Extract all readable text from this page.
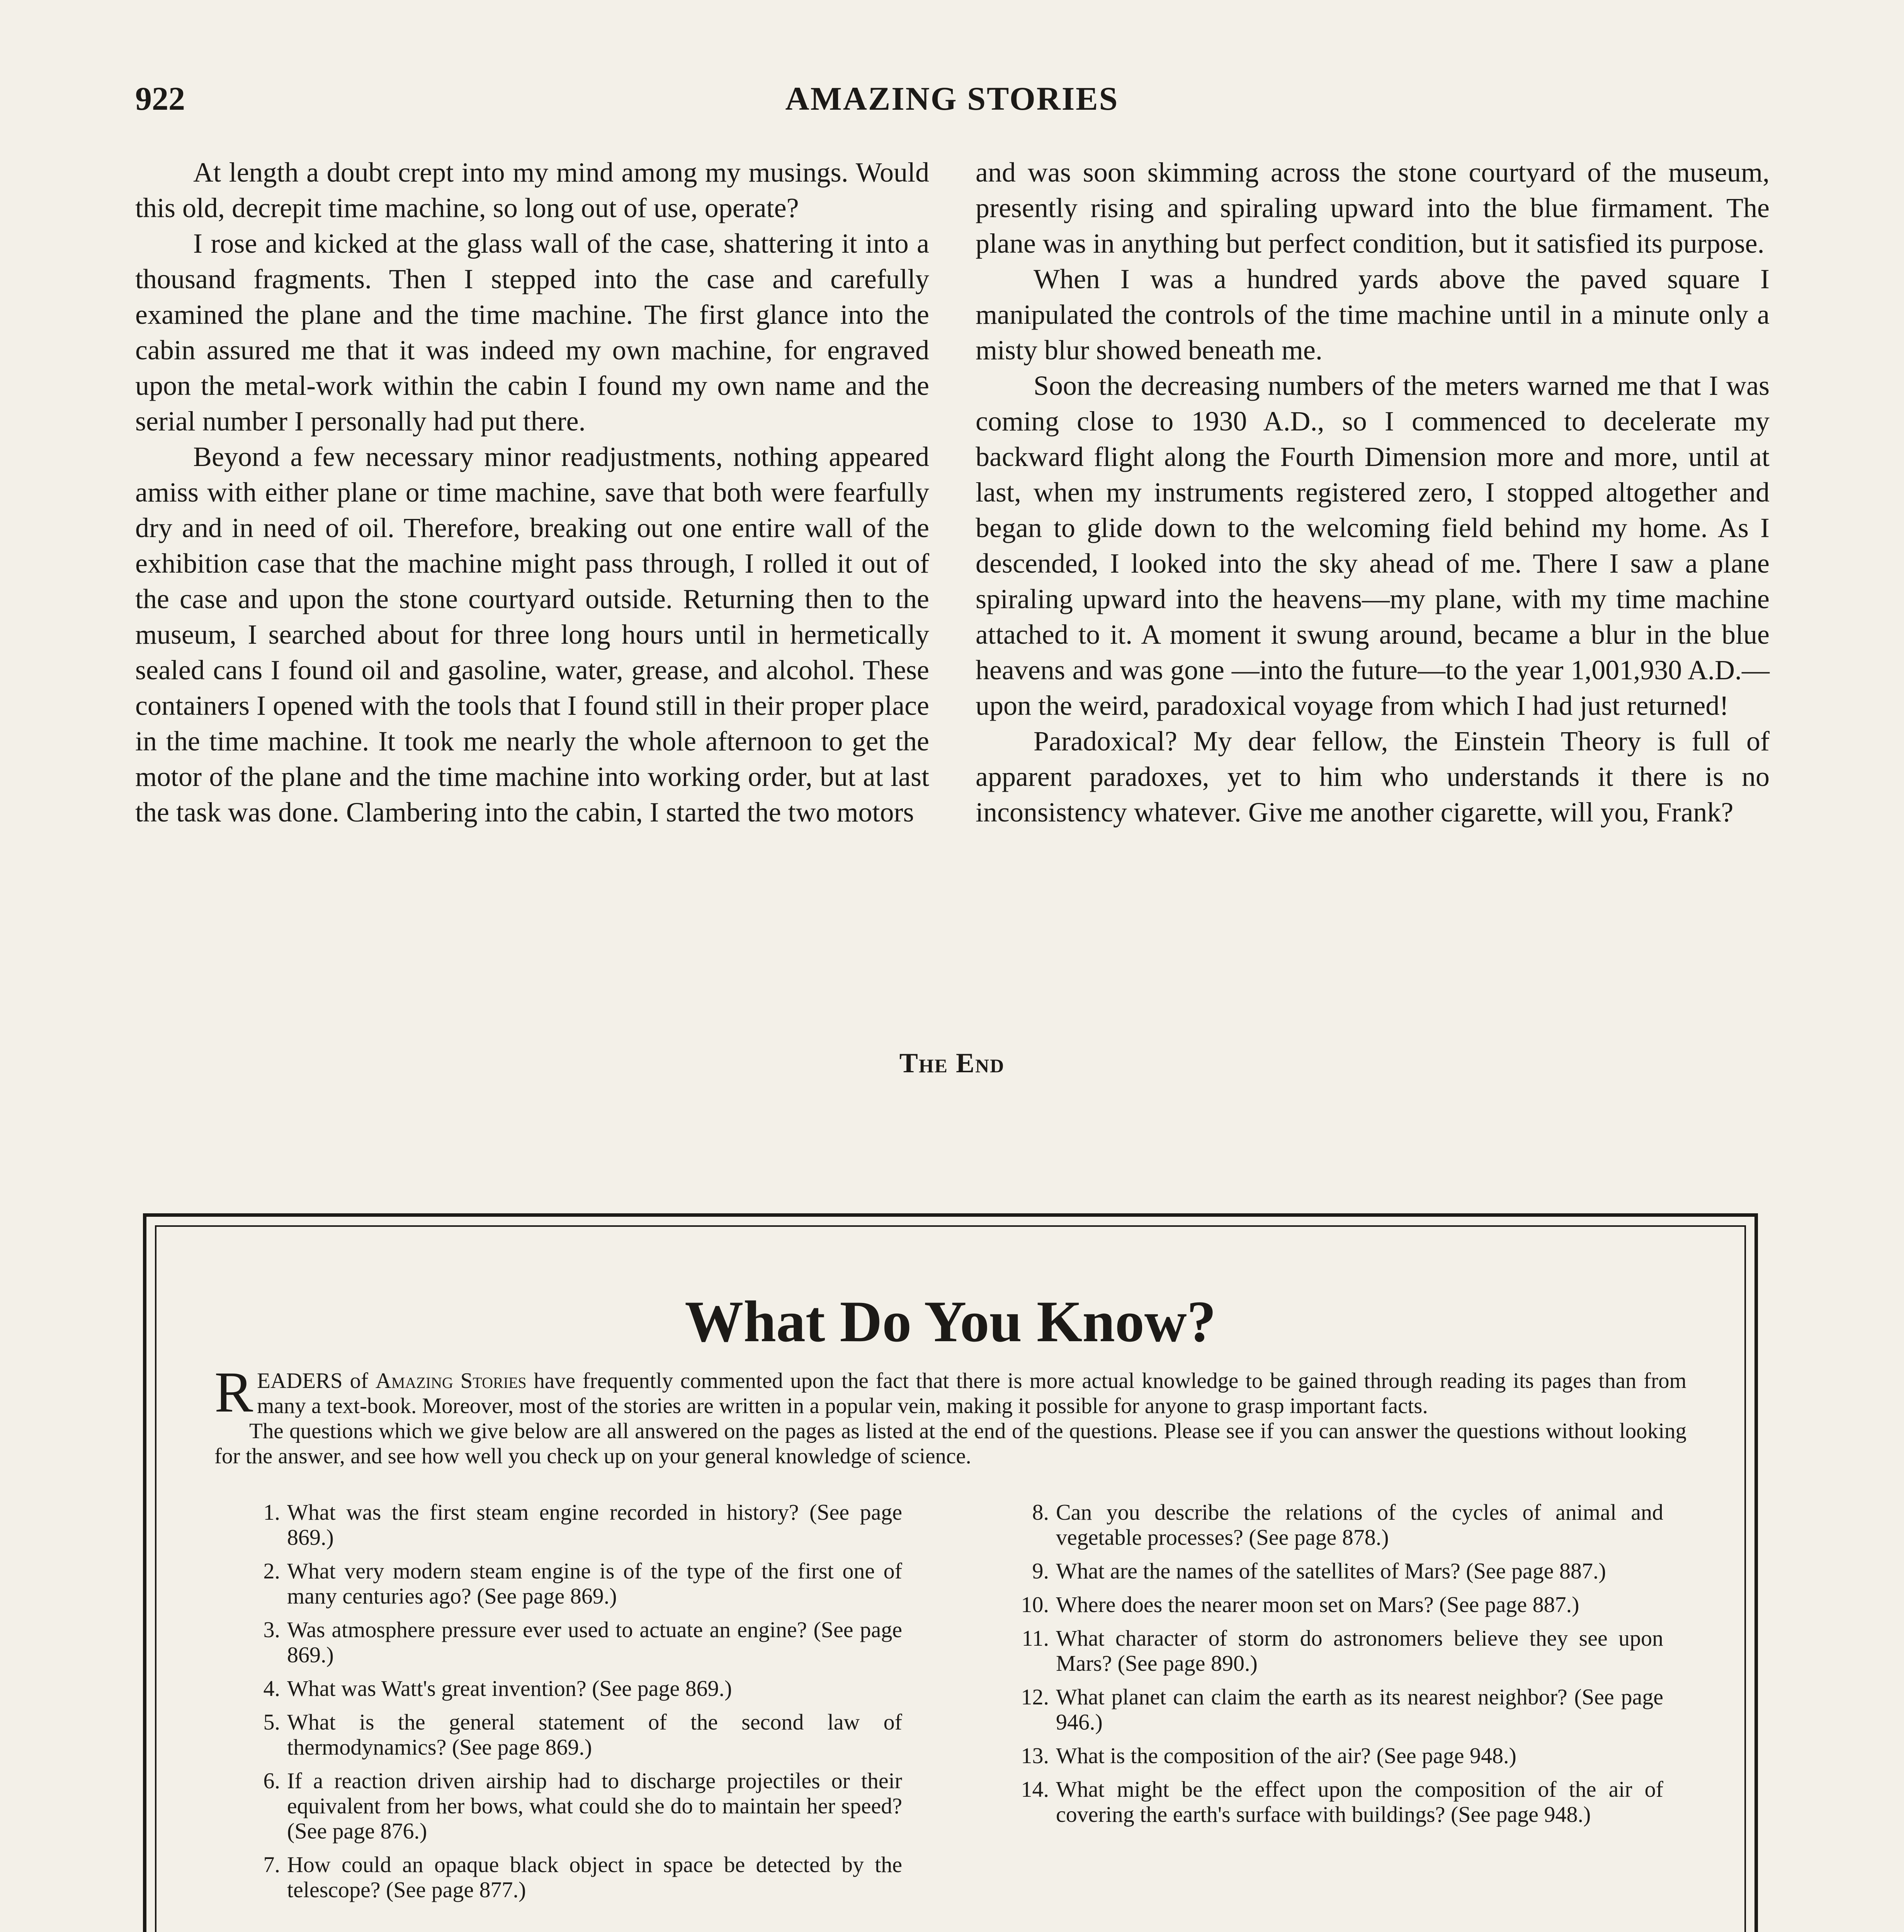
922	AMAZING STORIES

At length a doubt crept into my mind among my musings. Would this old, decrepit time machine, so long out of use, operate?

I rose and kicked at the glass wall of the case, shattering it into a thousand fragments. Then I stepped into the case and carefully examined the plane and the time machine. The first glance into the cabin assured me that it was indeed my own machine, for engraved upon the metal-work within the cabin I found my own name and the serial number I personally had put there.

Beyond a few necessary minor readjustments, nothing appeared amiss with either plane or time machine, save that both were fearfully dry and in need of oil. Therefore, breaking out one entire wall of the exhibition case that the machine might pass through, I rolled it out of the case and upon the stone courtyard outside. Returning then to the museum, I searched about for three long hours until in hermetically sealed cans I found oil and gasoline, water, grease, and alcohol. These containers I opened with the tools that I found still in their proper place in the time machine. It took me nearly the whole afternoon to get the motor of the plane and the time machine into working order, but at last the task was done. Clambering into the cabin, I started the two motors

and was soon skimming across the stone courtyard of the museum, presently rising and spiraling upward into the blue firmament. The plane was in anything but perfect condition, but it satisfied its purpose.

When I was a hundred yards above the paved square I manipulated the controls of the time machine until in a minute only a misty blur showed beneath me.

Soon the decreasing numbers of the meters warned me that I was coming close to 1930 A.D., so I commenced to decelerate my backward flight along the Fourth Dimension more and more, until at last, when my instruments registered zero, I stopped altogether and began to glide down to the welcoming field behind my home. As I descended, I looked into the sky ahead of me. There I saw a plane spiraling upward into the heavens—my plane, with my time machine attached to it. A moment it swung around, became a blur in the blue heavens and was gone —into the future—to the year 1,001,930 A.D.—upon the weird, paradoxical voyage from which I had just returned!

Paradoxical? My dear fellow, the Einstein Theory is full of apparent paradoxes, yet to him who understands it there is no inconsistency whatever. Give me another cigarette, will you, Frank?

The End
What Do You Know?

READERS of Amazing Stories have frequently commented upon the fact that there is more actual knowledge to be gained through reading its pages than from many a text-book. Moreover, most of the stories are written in a popular vein, making it possible for anyone to grasp important facts.

The questions which we give below are all answered on the pages as listed at the end of the questions. Please see if you can answer the questions without looking for the answer, and see how well you check up on your general knowledge of science.

1. What was the first steam engine recorded in history? (See page 869.)
2. What very modern steam engine is of the type of the first one of many centuries ago? (See page 869.)
3. Was atmosphere pressure ever used to actuate an engine? (See page 869.)
4. What was Watt's great invention? (See page 869.)
5. What is the general statement of the second law of thermodynamics? (See page 869.)
6. If a reaction driven airship had to discharge projectiles or their equivalent from her bows, what could she do to maintain her speed? (See page 876.)
7. How could an opaque black object in space be detected by the telescope? (See page 877.)
8. Can you describe the relations of the cycles of animal and vegetable processes? (See page 878.)
9. What are the names of the satellites of Mars? (See page 887.)
10. Where does the nearer moon set on Mars? (See page 887.)
11. What character of storm do astronomers believe they see upon Mars? (See page 890.)
12. What planet can claim the earth as its nearest neighbor? (See page 946.)
13. What is the composition of the air? (See page 948.)
14. What might be the effect upon the composition of the air of covering the earth's surface with buildings? (See page 948.)
